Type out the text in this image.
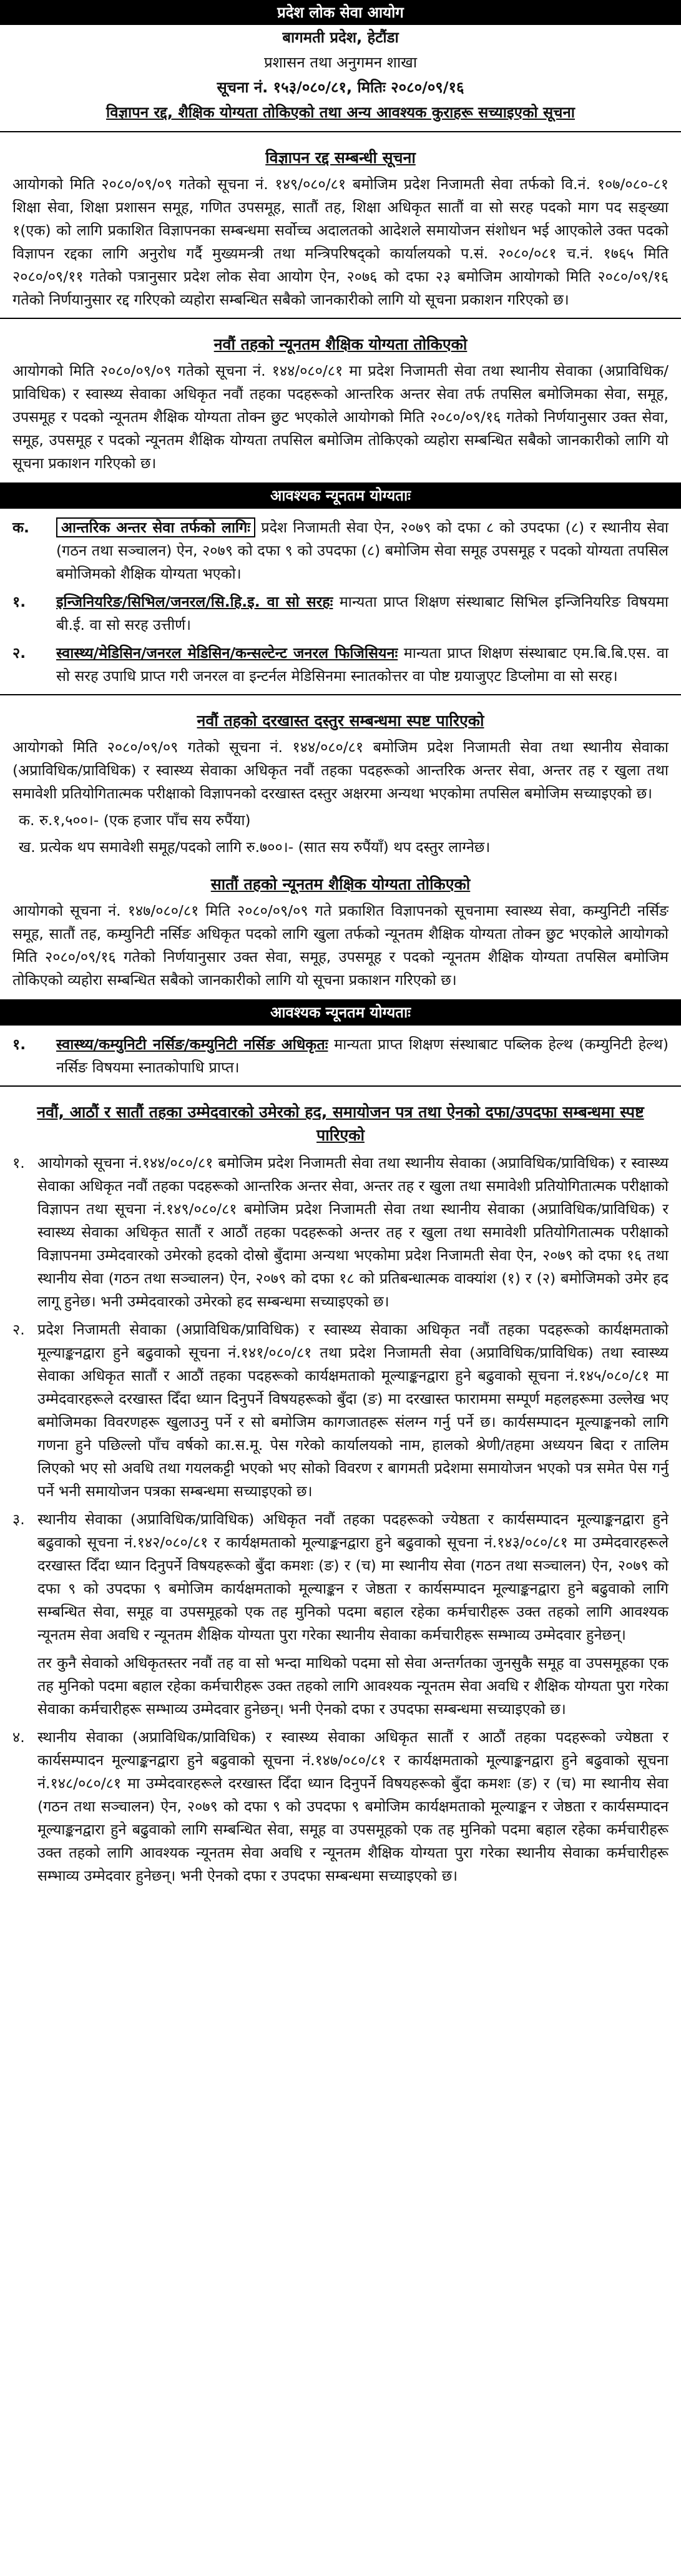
प्रदेश लोक सेवा आयोग
बागमती प्रदेश, हेटौंडा
प्रशासन तथा अनुगमन शाखा
सूचना नं. १५३/०८०/८१, मितिः २०८०/०९/१६
विज्ञापन रद्द, शैक्षिक योग्यता तोकिएको तथा अन्य आवश्यक कुराहरू सच्याइएको सूचना
विज्ञापन रद्द सम्बन्धी सूचना

आयोगको मिति २०८०/०९/०९ गतेको सूचना नं. १४९/०८०/८१ बमोजिम प्रदेश निजामती सेवा तर्फको वि.नं. १०७/०८०-८१ शिक्षा सेवा, शिक्षा प्रशासन समूह, गणित उपसमूह, सातौं तह, शिक्षा अधिकृत सातौं वा सो सरह पदको माग पद सङ्ख्या १(एक) को लागि प्रकाशित विज्ञापनका सम्बन्धमा सर्वोच्च अदालतको आदेशले समायोजन संशोधन भई आएकोले उक्त पदको विज्ञापन रद्दका लागि अनुरोध गर्दै मुख्यमन्त्री तथा मन्त्रिपरिषद्को कार्यालयको प.सं. २०८०/०८१ च.नं. १७६५ मिति २०८०/०९/११ गतेको पत्रानुसार प्रदेश लोक सेवा आयोग ऐन, २०७६ को दफा २३ बमोजिम आयोगको मिति २०८०/०९/१६ गतेको निर्णयानुसार रद्द गरिएको व्यहोरा सम्बन्धित सबैको जानकारीको लागि यो सूचना प्रकाशन गरिएको छ।

नवौं तहको न्यूनतम शैक्षिक योग्यता तोकिएको

आयोगको मिति २०८०/०९/०९ गतेको सूचना नं. १४४/०८०/८१ मा प्रदेश निजामती सेवा तथा स्थानीय सेवाका (अप्राविधिक/प्राविधिक) र स्वास्थ्य सेवाका अधिकृत नवौं तहका पदहरूको आन्तरिक अन्तर सेवा तर्फ तपसिल बमोजिमका सेवा, समूह, उपसमूह र पदको न्यूनतम शैक्षिक योग्यता तोक्न छुट भएकोले आयोगको मिति २०८०/०९/१६ गतेको निर्णयानुसार उक्त सेवा, समूह, उपसमूह र पदको न्यूनतम शैक्षिक योग्यता तपसिल बमोजिम तोकिएको व्यहोरा सम्बन्धित सबैको जानकारीको लागि यो सूचना प्रकाशन गरिएको छ।

आवश्यक न्यूनतम योग्यताः
क.	आन्तरिक अन्तर सेवा तर्फको लागिः प्रदेश निजामती सेवा ऐन, २०७९ को दफा ८ को उपदफा (८) र स्थानीय सेवा (गठन तथा सञ्चालन) ऐन, २०७९ को दफा ९ को उपदफा (८) बमोजिम सेवा समूह उपसमूह र पदको योग्यता तपसिल बमोजिमको शैक्षिक योग्यता भएको।
१.	इन्जिनियरिङ/सिभिल/जनरल/सि.हि.इ. वा सो सरहः मान्यता प्राप्त शिक्षण संस्थाबाट सिभिल इन्जिनियरिङ विषयमा बी.ई. वा सो सरह उत्तीर्ण।
२.	स्वास्थ्य/मेडिसिन/जनरल मेडिसिन/कन्सल्टेन्ट जनरल फिजिसियनः मान्यता प्राप्त शिक्षण संस्थाबाट एम.बि.बि.एस. वा सो सरह उपाधि प्राप्त गरी जनरल वा इन्टर्नल मेडिसिनमा स्नातकोत्तर वा पोष्ट ग्रयाजुएट डिप्लोमा वा सो सरह।
नवौं तहको दरखास्त दस्तुर सम्बन्धमा स्पष्ट पारिएको

आयोगको मिति २०८०/०९/०९ गतेको सूचना नं. १४४/०८०/८१ बमोजिम प्रदेश निजामती सेवा तथा स्थानीय सेवाका (अप्राविधिक/प्राविधिक) र स्वास्थ्य सेवाका अधिकृत नवौं तहका पदहरूको आन्तरिक अन्तर सेवा, अन्तर तह र खुला तथा समावेशी प्रतियोगितात्मक परीक्षाको विज्ञापनको दरखास्त दस्तुर अक्षरमा अन्यथा भएकोमा तपसिल बमोजिम सच्याइएको छ।

क. रु.१,५००।- (एक हजार पाँच सय रुपैंया)
ख. प्रत्येक थप समावेशी समूह/पदको लागि रु.७००।- (सात सय रुपैंयाँ) थप दस्तुर लाग्नेछ।
सातौं तहको न्यूनतम शैक्षिक योग्यता तोकिएको

आयोगको सूचना नं. १४७/०८०/८१ मिति २०८०/०९/०९ गते प्रकाशित विज्ञापनको सूचनामा स्वास्थ्य सेवा, कम्युनिटी नर्सिङ समूह, सातौं तह, कम्युनिटी नर्सिङ अधिकृत पदको लागि खुला तर्फको न्यूनतम शैक्षिक योग्यता तोक्न छुट भएकोले आयोगको मिति २०८०/०९/१६ गतेको निर्णयानुसार उक्त सेवा, समूह, उपसमूह र पदको न्यूनतम शैक्षिक योग्यता तपसिल बमोजिम तोकिएको व्यहोरा सम्बन्धित सबैको जानकारीको लागि यो सूचना प्रकाशन गरिएको छ।

आवश्यक न्यूनतम योग्यताः
१.	स्वास्थ्य/कम्युनिटी नर्सिङ/कम्युनिटी नर्सिङ अधिकृतः मान्यता प्राप्त शिक्षण संस्थाबाट पब्लिक हेल्थ (कम्युनिटी हेल्थ) नर्सिङ विषयमा स्नातकोपाधि प्राप्त।
नवौं, आठौं र सातौं तहका उम्मेदवारको उमेरको हद, समायोजन पत्र तथा ऐनको दफा/उपदफा सम्बन्धमा स्पष्ट पारिएको
१. आयोगको सूचना नं.१४४/०८०/८१ बमोजिम प्रदेश निजामती सेवा तथा स्थानीय सेवाका (अप्राविधिक/प्राविधिक) र स्वास्थ्य सेवाका अधिकृत नवौं तहका पदहरूको आन्तरिक अन्तर सेवा, अन्तर तह र खुला तथा समावेशी प्रतियोगितात्मक परीक्षाको विज्ञापन तथा सूचना नं.१४९/०८०/८१ बमोजिम प्रदेश निजामती सेवा तथा स्थानीय सेवाका (अप्राविधिक/प्राविधिक) र स्वास्थ्य सेवाका अधिकृत सातौं र आठौं तहका पदहरूको अन्तर तह र खुला तथा समावेशी प्रतियोगितात्मक परीक्षाको विज्ञापनमा उम्मेदवारको उमेरको हदको दोस्रो बुँदामा अन्यथा भएकोमा प्रदेश निजामती सेवा ऐन, २०७९ को दफा १६ तथा स्थानीय सेवा (गठन तथा सञ्चालन) ऐन, २०७९ को दफा १८ को प्रतिबन्धात्मक वाक्यांश (१) र (२) बमोजिमको उमेर हद लागू हुनेछ। भनी उम्मेदवारको उमेरको हद सम्बन्धमा सच्याइएको छ।
२. प्रदेश निजामती सेवाका (अप्राविधिक/प्राविधिक) र स्वास्थ्य सेवाका अधिकृत नवौं तहका पदहरूको कार्यक्षमताको मूल्याङ्कनद्वारा हुने बढुवाको सूचना नं.१४१/०८०/८१ तथा प्रदेश निजामती सेवा (अप्राविधिक/प्राविधिक) तथा स्वास्थ्य सेवाका अधिकृत सातौं र आठौं तहका पदहरूको कार्यक्षमताको मूल्याङ्कनद्वारा हुने बढुवाको सूचना नं.१४५/०८०/८१ मा उम्मेदवारहरूले दरखास्त दिँदा ध्यान दिनुपर्ने विषयहरूको बुँदा (ङ) मा दरखास्त फाराममा सम्पूर्ण महलहरूमा उल्लेख भए बमोजिमका विवरणहरू खुलाउनु पर्ने र सो बमोजिम कागजातहरू संलग्न गर्नु पर्ने छ। कार्यसम्पादन मूल्याङ्कनको लागि गणना हुने पछिल्लो पाँच वर्षको का.स.मू. पेस गरेको कार्यालयको नाम, हालको श्रेणी/तहमा अध्ययन बिदा र तालिम लिएको भए सो अवधि तथा गयलकट्टी भएको भए सोको विवरण र बागमती प्रदेशमा समायोजन भएको पत्र समेत पेस गर्नु पर्ने भनी समायोजन पत्रका सम्बन्धमा सच्याइएको छ।
३. स्थानीय सेवाका (अप्राविधिक/प्राविधिक) अधिकृत नवौं तहका पदहरूको ज्येष्ठता र कार्यसम्पादन मूल्याङ्कनद्वारा हुने बढुवाको सूचना नं.१४२/०८०/८१ र कार्यक्षमताको मूल्याङ्कनद्वारा हुने बढुवाको सूचना नं.१४३/०८०/८१ मा उम्मेदवारहरूले दरखास्त दिँदा ध्यान दिनुपर्ने विषयहरूको बुँदा कमशः (ङ) र (च) मा स्थानीय सेवा (गठन तथा सञ्चालन) ऐन, २०७९ को दफा ९ को उपदफा ९ बमोजिम कार्यक्षमताको मूल्याङ्कन र जेष्ठता र कार्यसम्पादन मूल्याङ्कनद्वारा हुने बढुवाको लागि सम्बन्धित सेवा, समूह वा उपसमूहको एक तह मुनिको पदमा बहाल रहेका कर्मचारीहरू उक्त तहको लागि आवश्यक न्यूनतम सेवा अवधि र न्यूनतम शैक्षिक योग्यता पुरा गरेका स्थानीय सेवाका कर्मचारीहरू सम्भाव्य उम्मेदवार हुनेछन्।

तर कुनै सेवाको अधिकृतस्तर नवौं तह वा सो भन्दा माथिको पदमा सो सेवा अन्तर्गतका जुनसुकै समूह वा उपसमूहका एक तह मुनिको पदमा बहाल रहेका कर्मचारीहरू उक्त तहको लागि आवश्यक न्यूनतम सेवा अवधि र शैक्षिक योग्यता पुरा गरेका सेवाका कर्मचारीहरू सम्भाव्य उम्मेदवार हुनेछन्। भनी ऐनको दफा र उपदफा सम्बन्धमा सच्याइएको छ।

४. स्थानीय सेवाका (अप्राविधिक/प्राविधिक) र स्वास्थ्य सेवाका अधिकृत सातौं र आठौं तहका पदहरूको ज्येष्ठता र कार्यसम्पादन मूल्याङ्कनद्वारा हुने बढुवाको सूचना नं.१४७/०८०/८१ र कार्यक्षमताको मूल्याङ्कनद्वारा हुने बढुवाको सूचना नं.१४८/०८०/८१ मा उम्मेदवारहरूले दरखास्त दिँदा ध्यान दिनुपर्ने विषयहरूको बुँदा कमशः (ङ) र (च) मा स्थानीय सेवा (गठन तथा सञ्चालन) ऐन, २०७९ को दफा ९ को उपदफा ९ बमोजिम कार्यक्षमताको मूल्याङ्कन र जेष्ठता र कार्यसम्पादन मूल्याङ्कनद्वारा हुने बढुवाको लागि सम्बन्धित सेवा, समूह वा उपसमूहको एक तह मुनिको पदमा बहाल रहेका कर्मचारीहरू उक्त तहको लागि आवश्यक न्यूनतम सेवा अवधि र न्यूनतम शैक्षिक योग्यता पुरा गरेका स्थानीय सेवाका कर्मचारीहरू सम्भाव्य उम्मेदवार हुनेछन्। भनी ऐनको दफा र उपदफा सम्बन्धमा सच्याइएको छ।
